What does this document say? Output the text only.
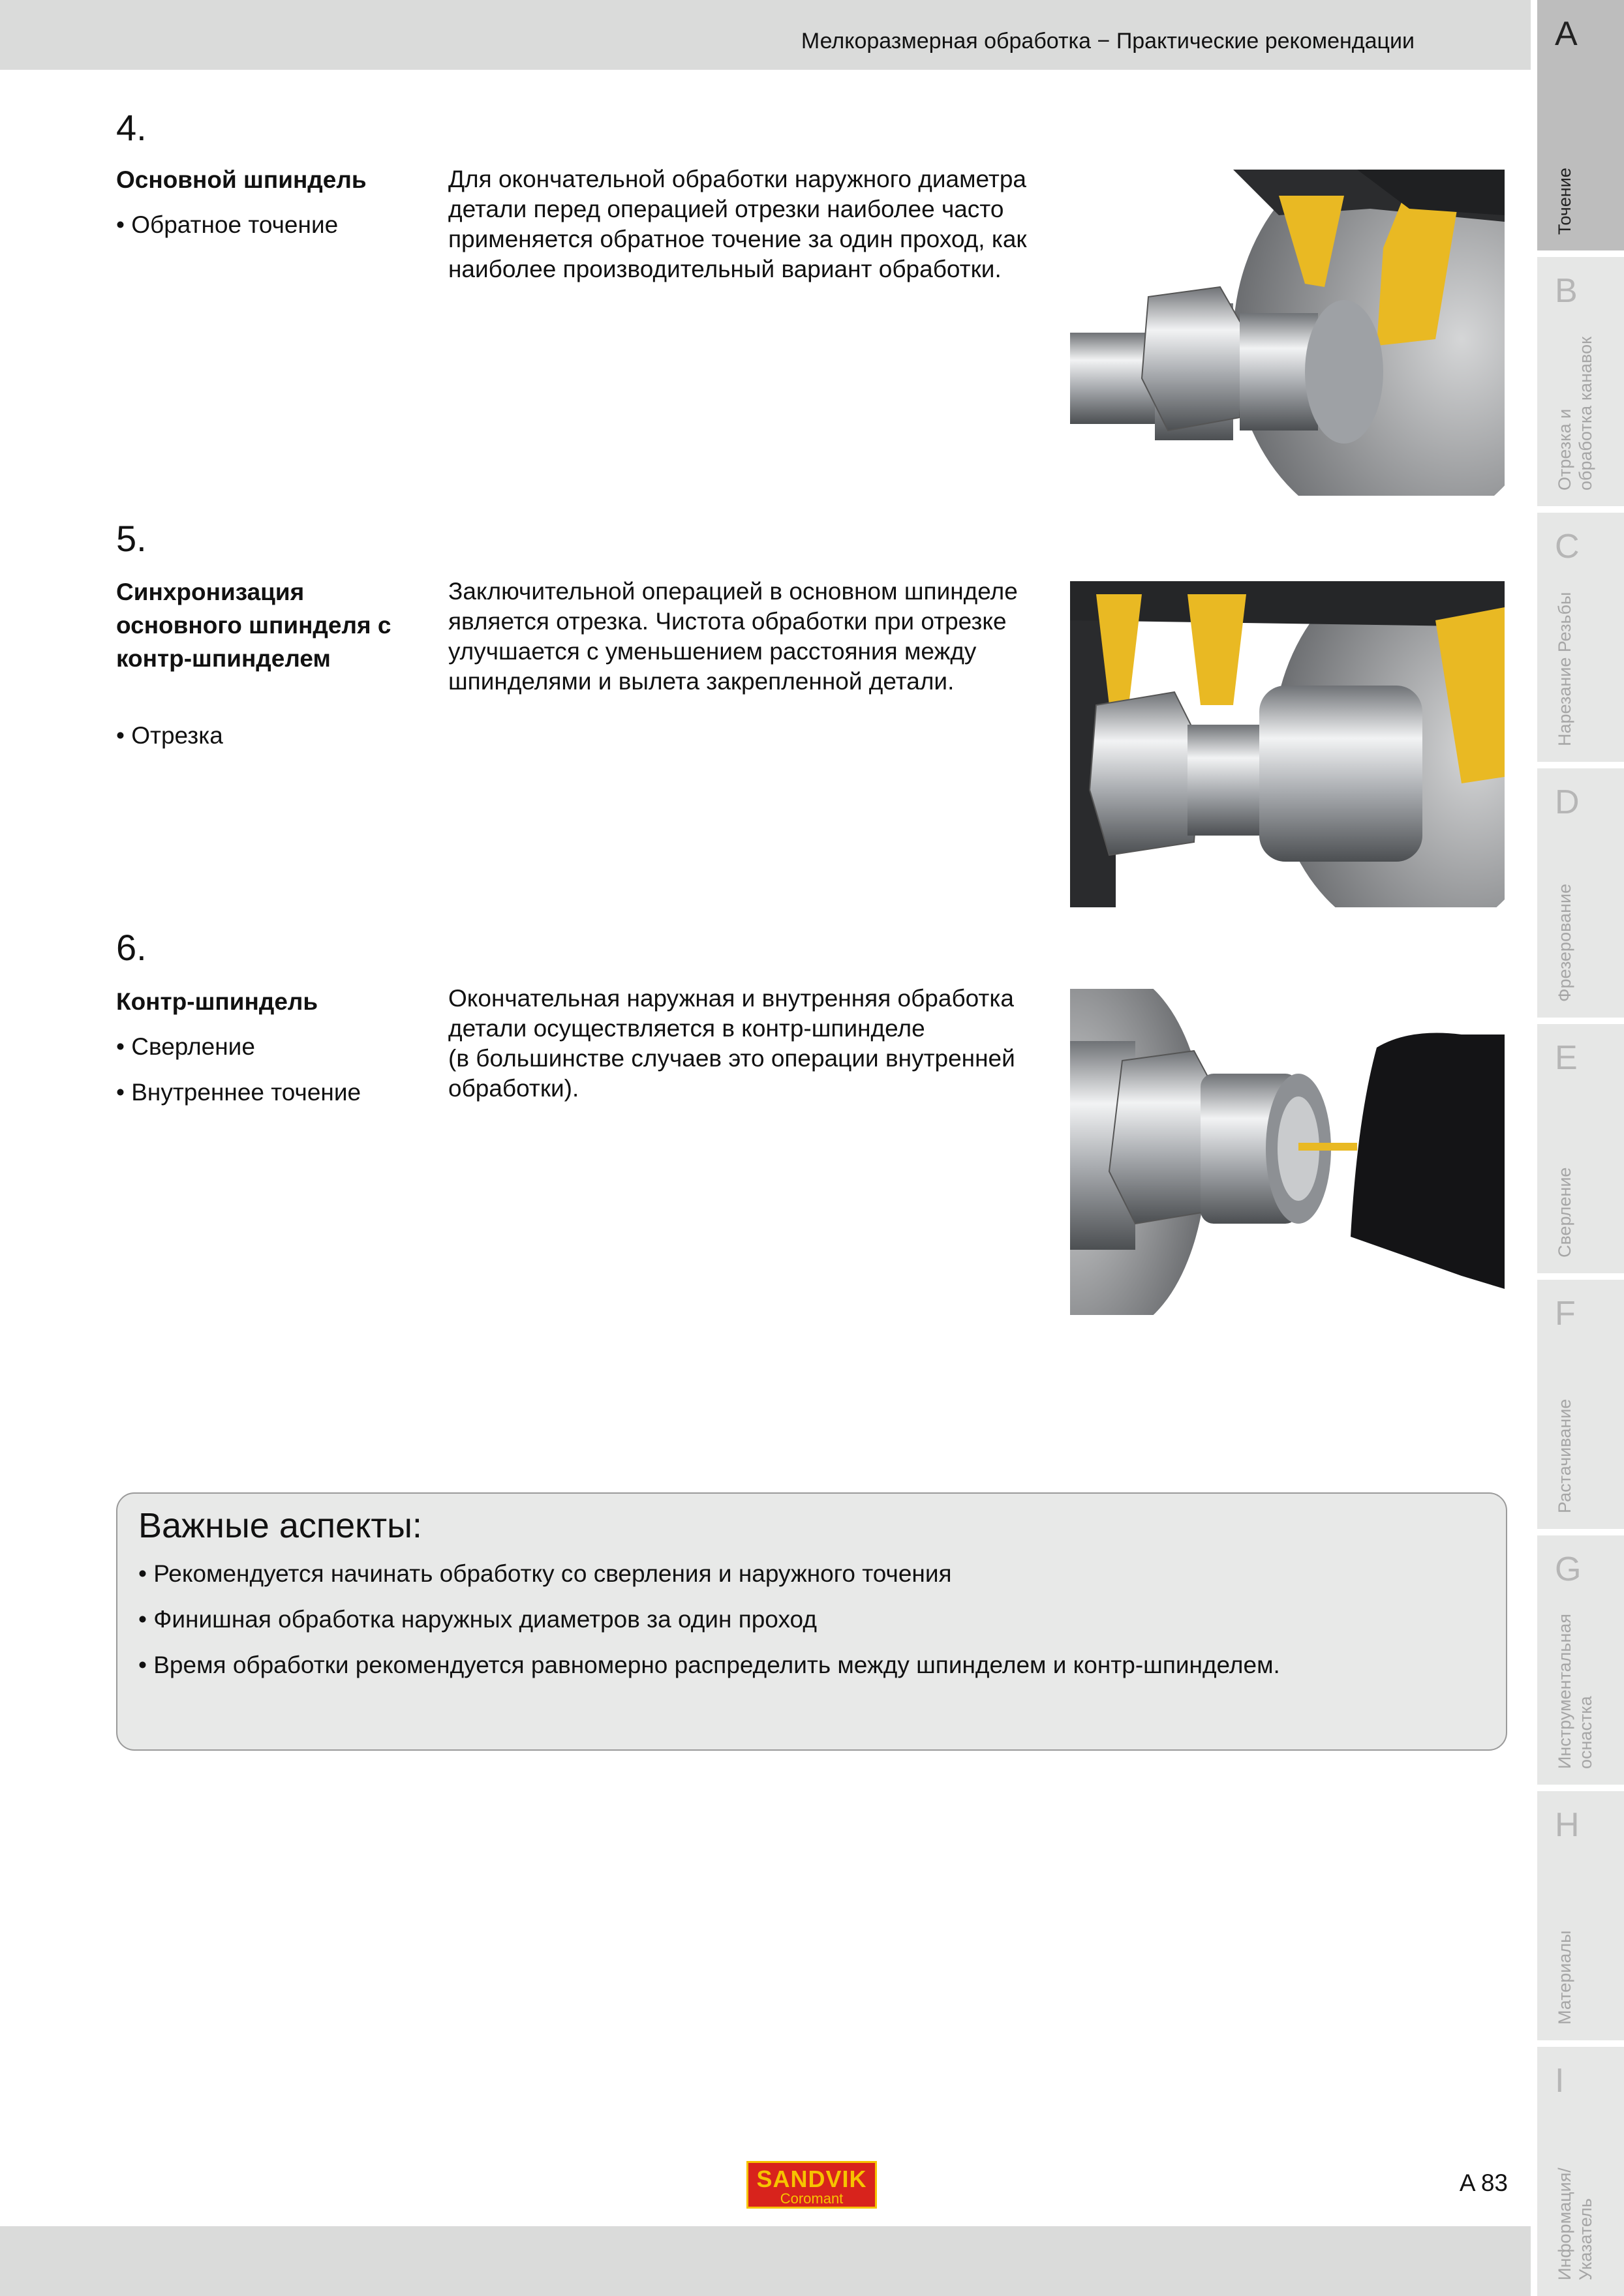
Мелкоразмерная обработка − Практические рекомендации	A
Точение
B
Отрезка и
обработка канавок
C
Нарезание Резьбы
D
Фрезерование
E
Сверление
F
Растачивание
G
Инструментальная
оснастка
H
Материалы
I
Информация/
Указатель
4.
Основной шпиндель
• Обратное точение
Для окончательной обработки наружного диаметра детали перед операцией отрезки наиболее часто применяется обратное точение за один проход, как наиболее производительный вариант обработки.
5.
Синхронизация основного шпинделя с контр-шпинделем
• Отрезка
Заключительной операцией в основном шпинделе является отрезка. Чистота обработки при отрезке улучшается с уменьшением расстояния между шпинделями и вылета закрепленной детали.
6.
Контр-шпиндель
• Сверление
• Внутреннее точение
Окончательная наружная и внутренняя обработка детали осуществляется в контр-шпинделе
(в большинстве случаев это операции внутренней обработки).
Важные аспекты:
• Рекомендуется начинать обработку со сверления и наружного точения
• Финишная обработка наружных диаметров за один проход
• Время обработки рекомендуется равномерно распределить между шпинделем и контр-шпинделем.
SANDVIK
Coromant
A 83
